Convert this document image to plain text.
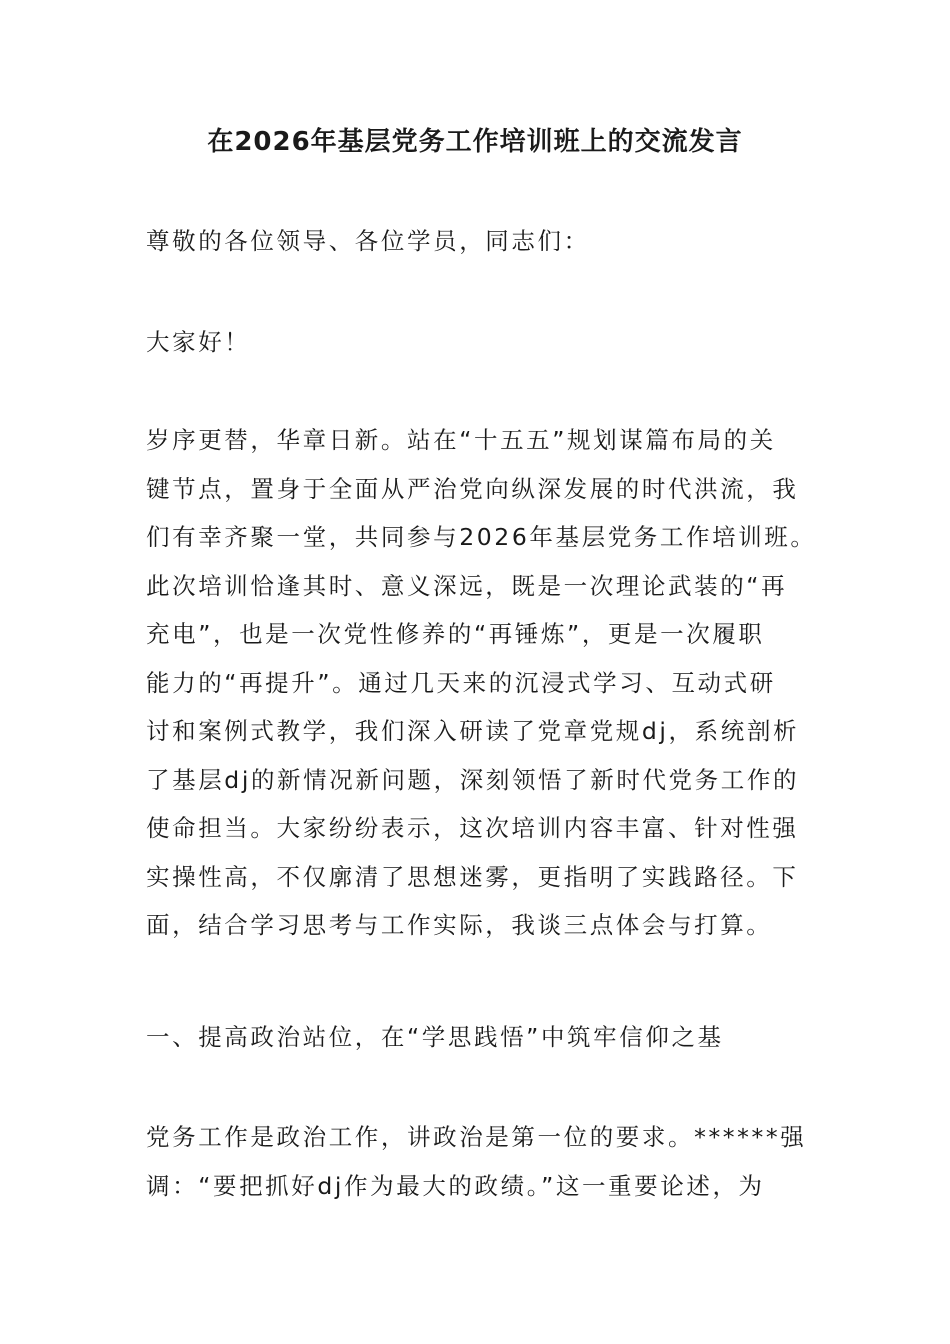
在2026年基层党务工作培训班上的交流发言
尊敬的各位领导、各位学员，同志们：
大家好！
岁序更替，华章日新。站在“十五五”规划谋篇布局的关
键节点，置身于全面从严治党向纵深发展的时代洪流，我
们有幸齐聚一堂，共同参与2026年基层党务工作培训班。
此次培训恰逢其时、意义深远，既是一次理论武装的“再
充电”，也是一次党性修养的“再锤炼”，更是一次履职
能力的“再提升”。通过几天来的沉浸式学习、互动式研
讨和案例式教学，我们深入研读了党章党规dj，系统剖析
了基层dj的新情况新问题，深刻领悟了新时代党务工作的
使命担当。大家纷纷表示，这次培训内容丰富、针对性强
实操性高，不仅廓清了思想迷雾，更指明了实践路径。下
面，结合学习思考与工作实际，我谈三点体会与打算。
一、提高政治站位，在“学思践悟”中筑牢信仰之基
党务工作是政治工作，讲政治是第一位的要求。******强
调：“要把抓好dj作为最大的政绩。”这一重要论述，为
